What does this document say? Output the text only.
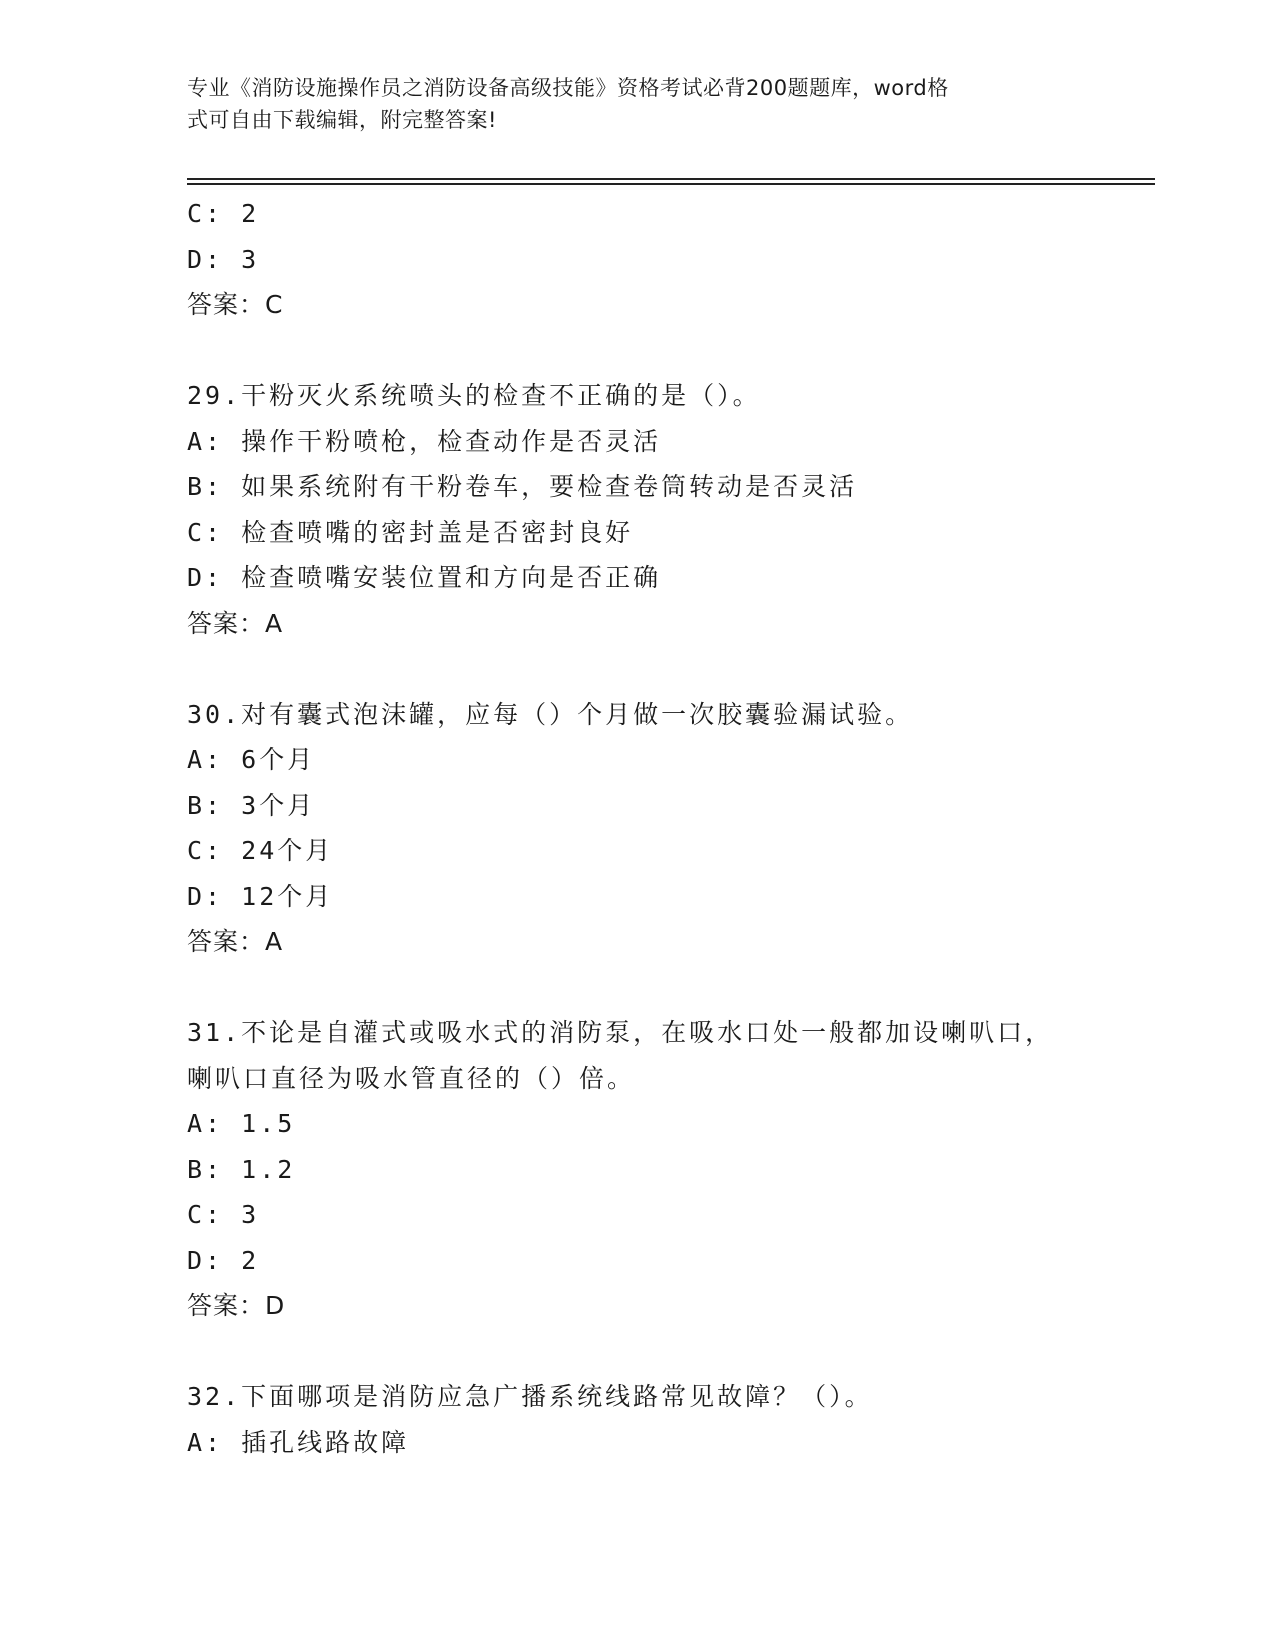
专业《消防设施操作员之消防设备高级技能》资格考试必背200题题库，word格
式可自由下载编辑，附完整答案!
C: 2
D: 3
答案：C
29.干粉灭火系统喷头的检查不正确的是（）。
A: 操作干粉喷枪，检查动作是否灵活
B: 如果系统附有干粉卷车，要检查卷筒转动是否灵活
C: 检查喷嘴的密封盖是否密封良好
D: 检查喷嘴安装位置和方向是否正确
答案：A
30.对有囊式泡沫罐，应每（）个月做一次胶囊验漏试验。
A: 6个月
B: 3个月
C: 24个月
D: 12个月
答案：A
31.不论是自灌式或吸水式的消防泵，在吸水口处一般都加设喇叭口，
喇叭口直径为吸水管直径的（）倍。
A: 1.5
B: 1.2
C: 3
D: 2
答案：D
32.下面哪项是消防应急广播系统线路常见故障？（）。
A: 插孔线路故障
